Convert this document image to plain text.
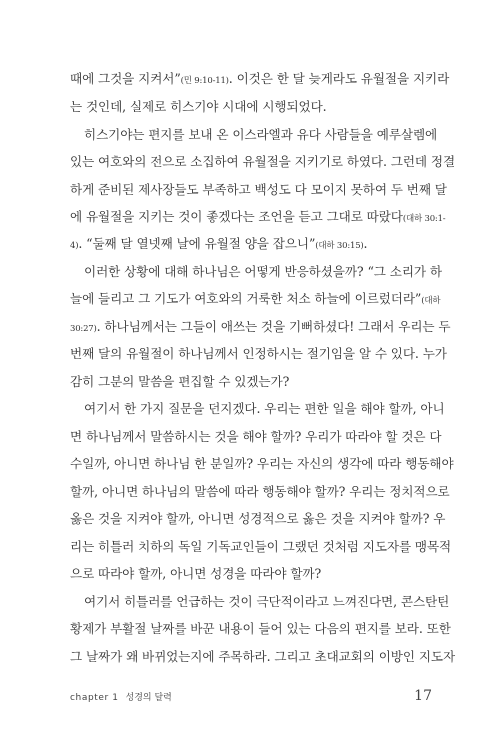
때에 그것을 지켜서”(민 9:10-11). 이것은 한 달 늦게라도 유월절을 지키라
는 것인데, 실제로 히스기야 시대에 시행되었다.
히스기야는 편지를 보내 온 이스라엘과 유다 사람들을 예루살렘에
있는 여호와의 전으로 소집하여 유월절을 지키기로 하였다. 그런데 정결
하게 준비된 제사장들도 부족하고 백성도 다 모이지 못하여 두 번째 달
에 유월절을 지키는 것이 좋겠다는 조언을 듣고 그대로 따랐다(대하 30:1-
4). “둘째 달 열넷째 날에 유월절 양을 잡으니”(대하 30:15).
이러한 상황에 대해 하나님은 어떻게 반응하셨을까? “그 소리가 하
늘에 들리고 그 기도가 여호와의 거룩한 처소 하늘에 이르렀더라”(대하
30:27). 하나님께서는 그들이 애쓰는 것을 기뻐하셨다! 그래서 우리는 두
번째 달의 유월절이 하나님께서 인정하시는 절기임을 알 수 있다. 누가
감히 그분의 말씀을 편집할 수 있겠는가?
여기서 한 가지 질문을 던지겠다. 우리는 편한 일을 해야 할까, 아니
면 하나님께서 말씀하시는 것을 해야 할까? 우리가 따라야 할 것은 다
수일까, 아니면 하나님 한 분일까? 우리는 자신의 생각에 따라 행동해야
할까, 아니면 하나님의 말씀에 따라 행동해야 할까? 우리는 정치적으로
옳은 것을 지켜야 할까, 아니면 성경적으로 옳은 것을 지켜야 할까? 우
리는 히틀러 치하의 독일 기독교인들이 그랬던 것처럼 지도자를 맹목적
으로 따라야 할까, 아니면 성경을 따라야 할까?
여기서 히틀러를 언급하는 것이 극단적이라고 느껴진다면, 콘스탄틴
황제가 부활절 날짜를 바꾼 내용이 들어 있는 다음의 편지를 보라. 또한
그 날짜가 왜 바뀌었는지에 주목하라. 그리고 초대교회의 이방인 지도자
chapter 1 성경의 달력	17
